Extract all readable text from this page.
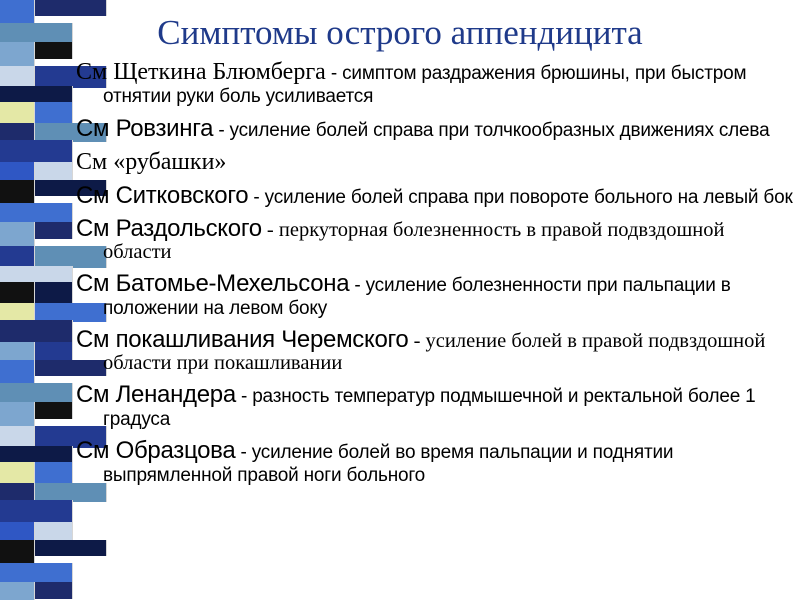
Симптомы острого аппендицита
См Щеткина Блюмберга - симптом раздражения брюшины, при быстром отнятии руки боль усиливается
См Ровзинга - усиление болей справа при толчкообразных движениях слева
См «рубашки»
См Ситковского - усиление болей справа при повороте больного на левый бок
См Раздольского - перкуторная болезненность в правой подвздошной области
См Батомье-Мехельсона - усиление болезненности при пальпации в положении на левом боку
См покашливания Черемского - усиление болей в правой подвздошной области при покашливании
См Ленандера - разность температур подмышечной и ректальной более 1 градуса
См Образцова - усиление болей во время пальпации и поднятии выпрямленной правой ноги больного
